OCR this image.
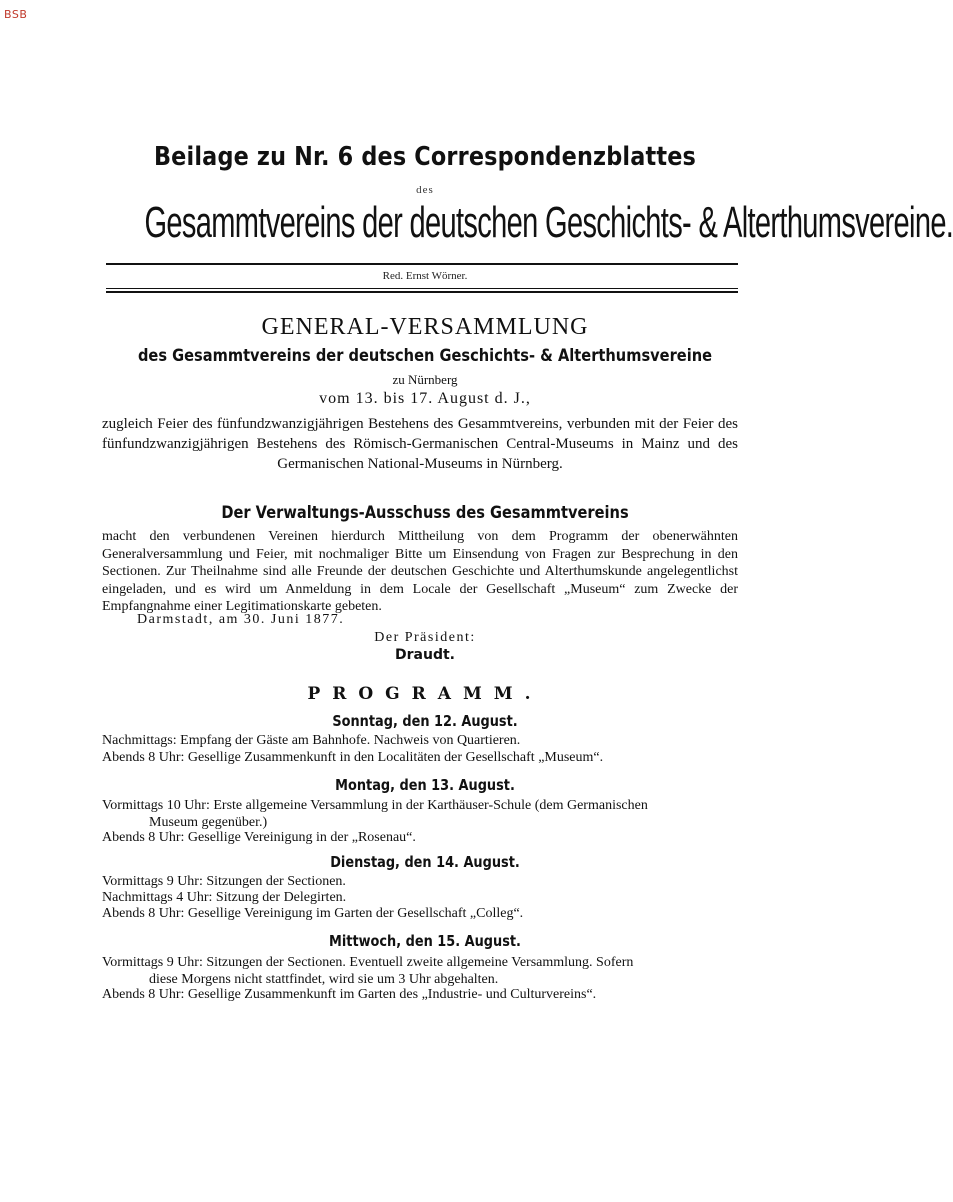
BSB
Beilage zu Nr. 6 des Correspondenzblattes
des
Gesammtvereins der deutschen Geschichts- & Alterthumsvereine.
Red. Ernst Wörner.
GENERAL-VERSAMMLUNG
des Gesammtvereins der deutschen Geschichts- & Alterthumsvereine
zu Nürnberg
vom 13. bis 17. August d. J.,
zugleich Feier des fünfundzwanzigjährigen Bestehens des Gesammtvereins, verbunden mit der Feier des fünfundzwanzigjährigen Bestehens des Römisch-Germanischen Central-Museums in Mainz und des Germanischen National-Museums in Nürnberg.
Der Verwaltungs-Ausschuss des Gesammtvereins
macht den verbundenen Vereinen hierdurch Mittheilung von dem Programm der obenerwähnten Generalversammlung und Feier, mit nochmaliger Bitte um Einsendung von Fragen zur Besprechung in den Sectionen. Zur Theilnahme sind alle Freunde der deutschen Geschichte und Alterthumskunde angelegentlichst eingeladen, und es wird um Anmeldung in dem Locale der Gesellschaft „Museum“ zum Zwecke der Empfangnahme einer Legitimationskarte gebeten.
Darmstadt, am 30. Juni 1877.
Der Präsident:
Draudt.
PROGRAMM.
Sonntag, den 12. August.
Nachmittags: Empfang der Gäste am Bahnhofe. Nachweis von Quartieren.
Abends 8 Uhr: Gesellige Zusammenkunft in den Localitäten der Gesellschaft „Museum“.
Montag, den 13. August.
Vormittags 10 Uhr: Erste allgemeine Versammlung in der Karthäuser-Schule (dem Germanischen
Museum gegenüber.)
Abends 8 Uhr: Gesellige Vereinigung in der „Rosenau“.
Dienstag, den 14. August.
Vormittags 9 Uhr: Sitzungen der Sectionen.
Nachmittags 4 Uhr: Sitzung der Delegirten.
Abends 8 Uhr: Gesellige Vereinigung im Garten der Gesellschaft „Colleg“.
Mittwoch, den 15. August.
Vormittags 9 Uhr: Sitzungen der Sectionen. Eventuell zweite allgemeine Versammlung. Sofern
diese Morgens nicht stattfindet, wird sie um 3 Uhr abgehalten.
Abends 8 Uhr: Gesellige Zusammenkunft im Garten des „Industrie- und Culturvereins“.
